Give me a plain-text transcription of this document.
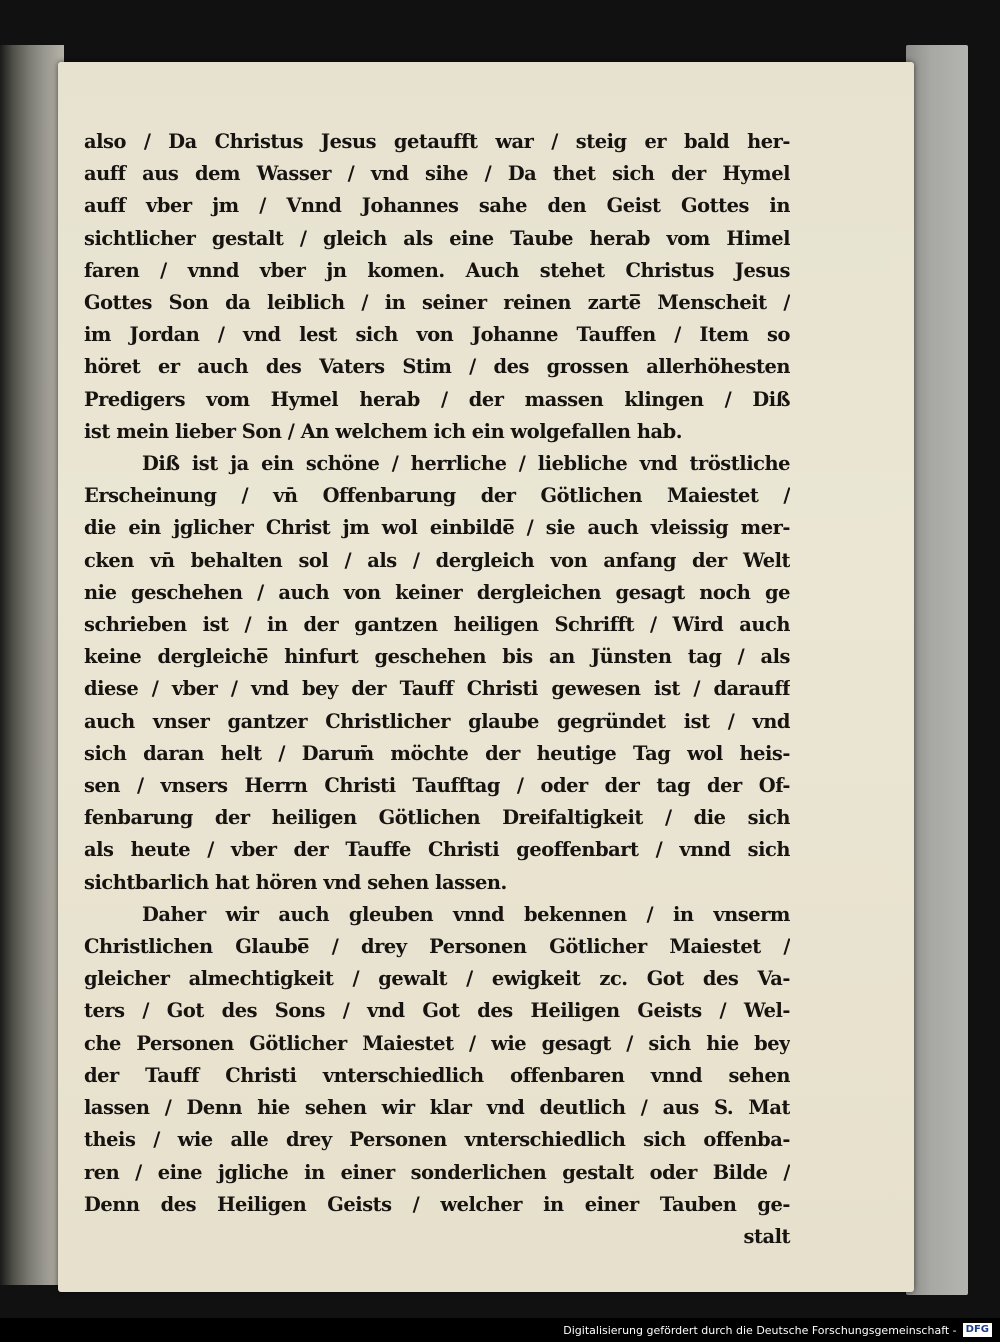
also / Da Christus Jesus getaufft war / steig er bald her-
auff aus dem Wasser / vnd sihe / Da thet sich der Hymel
auff vber jm / Vnnd Johannes sahe den Geist Gottes in
sichtlicher gestalt / gleich als eine Taube herab vom Himel
faren / vnnd vber jn komen. Auch stehet Christus Jesus
Gottes Son da leiblich / in seiner reinen zarte̅ Menscheit /
im Jordan / vnd lest sich von Johanne Tauffen / Item so
höret er auch des Vaters Stim / des grossen allerhöhesten
Predigers vom Hymel herab / der massen klingen / Diß
ist mein lieber Son / An welchem ich ein wolgefallen hab.
Diß ist ja ein schöne / herrliche / liebliche vnd tröstliche
Erscheinung / vn̄ Offenbarung der Götlichen Maiestet /
die ein jglicher Christ jm wol einbilde̅ / sie auch vleissig mer-
cken vn̄ behalten sol / als / dergleich von anfang der Welt
nie geschehen / auch von keiner dergleichen gesagt noch ge
schrieben ist / in der gantzen heiligen Schrifft / Wird auch
keine dergleiche̅ hinfurt geschehen bis an Jünsten tag / als
diese / vber / vnd bey der Tauff Christi gewesen ist / darauff
auch vnser gantzer Christlicher glaube gegründet ist / vnd
sich daran helt / Darum̄ möchte der heutige Tag wol heis-
sen / vnsers Herrn Christi Taufftag / oder der tag der Of-
fenbarung der heiligen Götlichen Dreifaltigkeit / die sich
als heute / vber der Tauffe Christi geoffenbart / vnnd sich
sichtbarlich hat hören vnd sehen lassen.
Daher wir auch gleuben vnnd bekennen / in vnserm
Christlichen Glaube̅ / drey Personen Götlicher Maiestet /
gleicher almechtigkeit / gewalt / ewigkeit zc. Got des Va-
ters / Got des Sons / vnd Got des Heiligen Geists / Wel-
che Personen Götlicher Maiestet / wie gesagt / sich hie bey
der Tauff Christi vnterschiedlich offenbaren vnnd sehen
lassen / Denn hie sehen wir klar vnd deutlich / aus S. Mat
theis / wie alle drey Personen vnterschiedlich sich offenba-
ren / eine jgliche in einer sonderlichen gestalt oder Bilde /
Denn des Heiligen Geists / welcher in einer Tauben ge-
stalt
Digitalisierung gefördert durch die Deutsche Forschungsgemeinschaft - DFG
